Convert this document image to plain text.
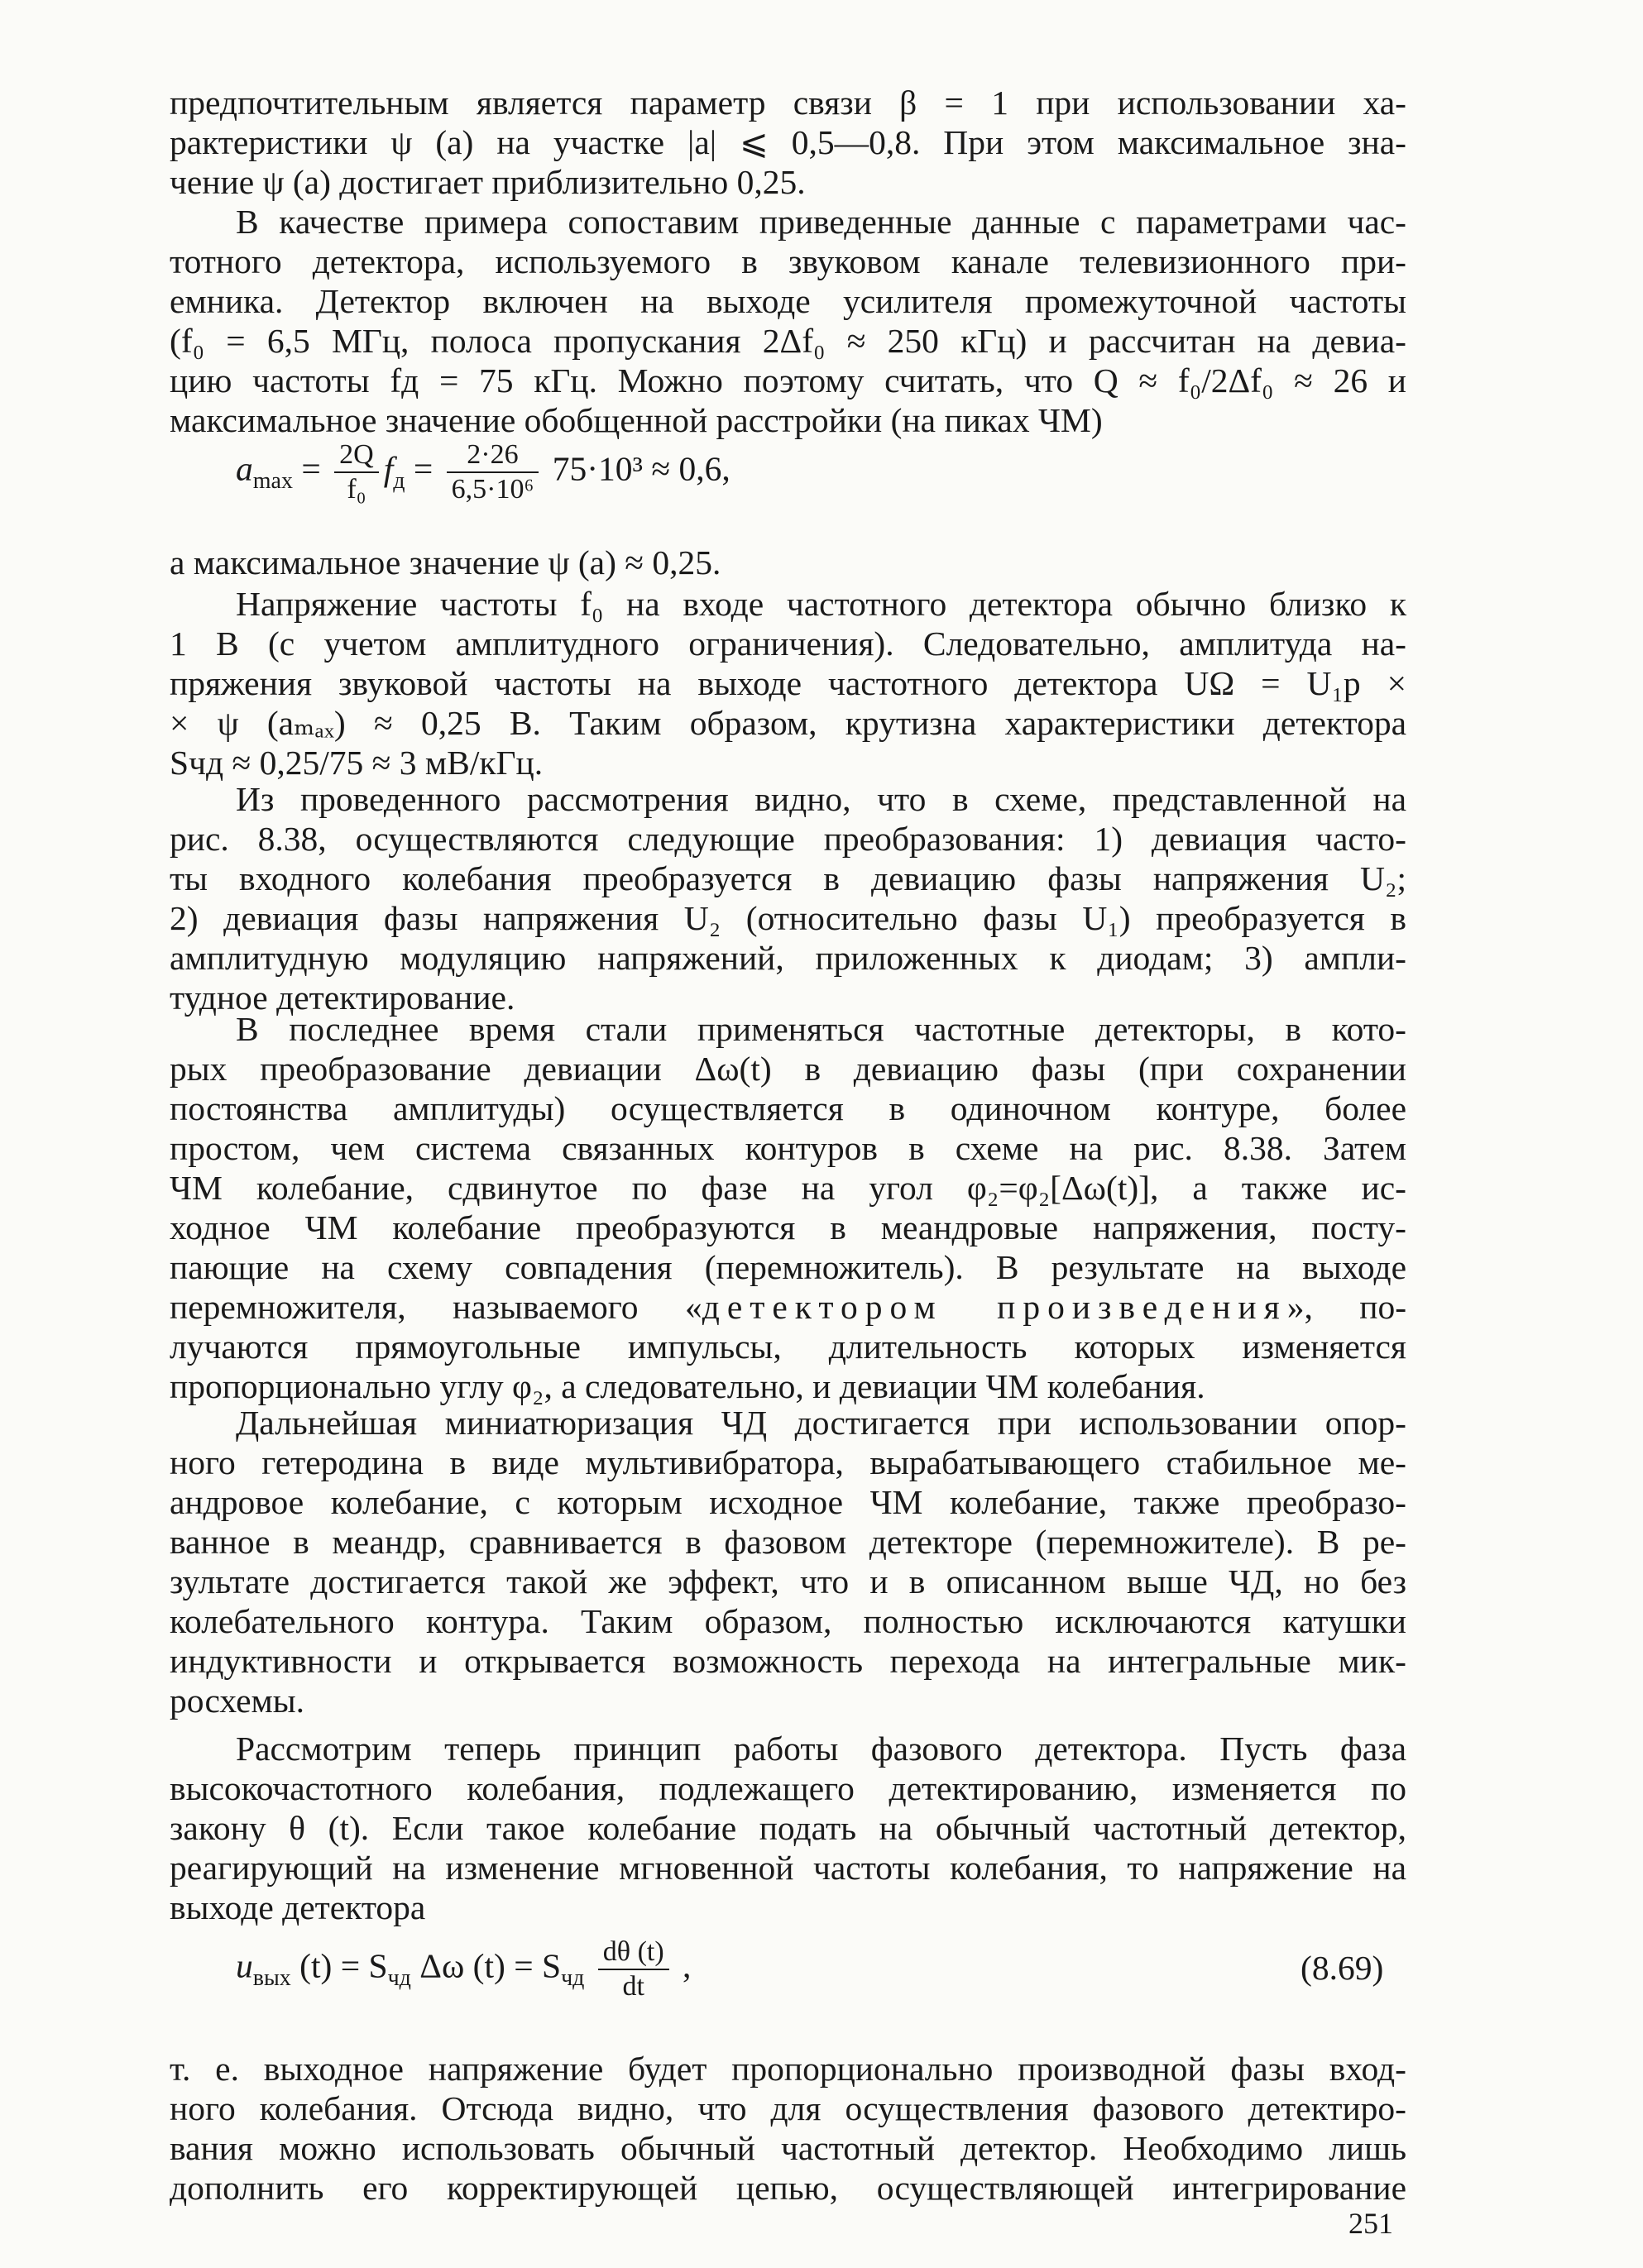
предпочтительным является параметр связи β = 1 при использовании ха-
рактеристики ψ (a) на участке |a| ⩽ 0,5—0,8. При этом максимальное зна-
чение ψ (a) достигает приблизительно 0,25.
В качестве примера сопоставим приведенные данные с параметрами час-
тотного детектора, используемого в звуковом канале телевизионного при-
емника. Детектор включен на выходе усилителя промежуточной частоты
(f₀ = 6,5 МГц, полоса пропускания 2Δf₀ ≈ 250 кГц) и рассчитан на девиа-
цию частоты fд = 75 кГц. Можно поэтому считать, что Q ≈ f₀/2Δf₀ ≈ 26 и
максимальное значение обобщенной расстройки (на пиках ЧМ)
$a_{max} = \frac{2Q}{\text{f₀}} f_д = \frac{2\cdot 26}{\text{6,5·10⁶}} 75\cdot 10^3 \approx 0,6$,
а максимальное значение ψ (a) ≈ 0,25.
Напряжение частоты f₀ на входе частотного детектора обычно близко к
1 В (с учетом амплитудного ограничения). Следовательно, амплитуда на-
пряжения звуковой частоты на выходе частотного детектора UΩ = U₁р ×
× ψ (aₘₐₓ) ≈ 0,25 В. Таким образом, крутизна характеристики детектора
Sчд ≈ 0,25/75 ≈ 3 мВ/кГц.
Из проведенного рассмотрения видно, что в схеме, представленной на
рис. 8.38, осуществляются следующие преобразования: 1) девиация часто-
ты входного колебания преобразуется в девиацию фазы напряжения U₂;
2) девиация фазы напряжения U₂ (относительно фазы U₁) преобразуется в
амплитудную модуляцию напряжений, приложенных к диодам; 3) ампли-
тудное детектирование.
В последнее время стали применяться частотные детекторы, в кото-
рых преобразование девиации Δω(t) в девиацию фазы (при сохранении
постоянства амплитуды) осуществляется в одиночном контуре, более
простом, чем система связанных контуров в схеме на рис. 8.38. Затем
ЧМ колебание, сдвинутое по фазе на угол φ₂=φ₂[Δω(t)], а также ис-
ходное ЧМ колебание преобразуются в меандровые напряжения, посту-
пающие на схему совпадения (перемножитель). В результате на выходе
перемножителя, называемого «детектором произведения», по-
лучаются прямоугольные импульсы, длительность которых изменяется
пропорционально углу φ₂, а следовательно, и девиации ЧМ колебания.
Дальнейшая миниатюризация ЧД достигается при использовании опор-
ного гетеродина в виде мультивибратора, вырабатывающего стабильное ме-
андровое колебание, с которым исходное ЧМ колебание, также преобразо-
ванное в меандр, сравнивается в фазовом детекторе (перемножителе). В ре-
зультате достигается такой же эффект, что и в описанном выше ЧД, но без
колебательного контура. Таким образом, полностью исключаются катушки
индуктивности и открывается возможность перехода на интегральные мик-
росхемы.
Рассмотрим теперь принцип работы фазового детектора. Пусть фаза
высокочастотного колебания, подлежащего детектированию, изменяется по
закону θ (t). Если такое колебание подать на обычный частотный детектор,
реагирующий на изменение мгновенной частоты колебания, то напряжение на
выходе детектора
$u_{вых}$ $(t) = S_{чд}$ Δω $(t) = S_{чд} \frac{d\theta (t)}{dt}$ ,	(8.69)
т. е. выходное напряжение будет пропорционально производной фазы вход-
ного колебания. Отсюда видно, что для осуществления фазового детектиро-
вания можно использовать обычный частотный детектор. Необходимо лишь
дополнить его корректирующей цепью, осуществляющей интегрирование
251
